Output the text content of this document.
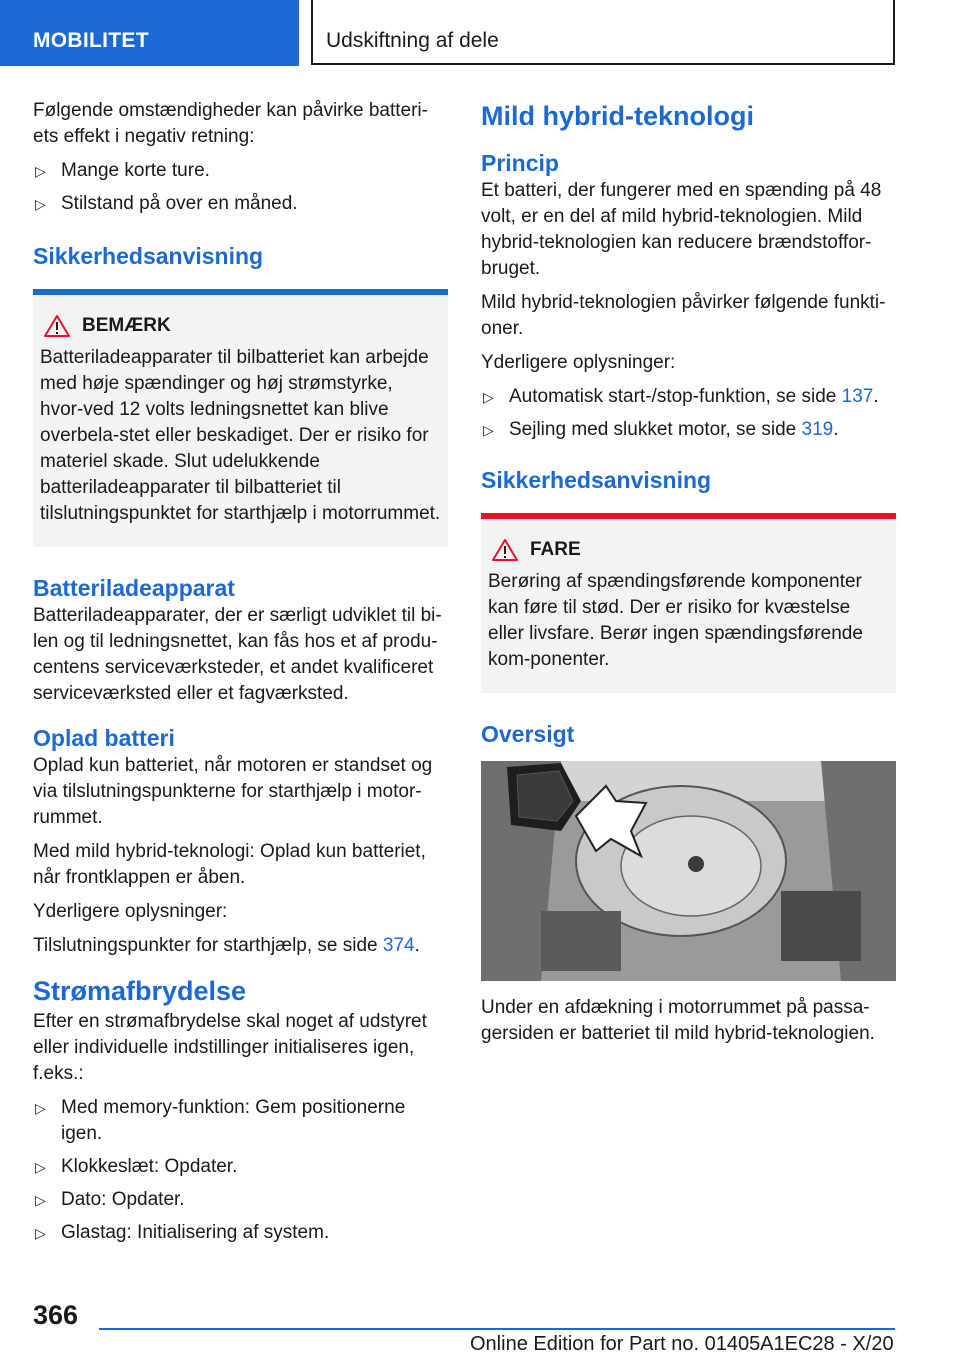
MOBILITET	Udskiftning af dele

Følgende omstændigheder kan påvirke batteri-ets effekt i negativ retning:

▷ Mange korte ture.
▷ Stilstand på over en måned.
Sikkerhedsanvisning
BEMÆRK

Batteriladeapparater til bilbatteriet kan arbejde med høje spændinger og høj strømstyrke, hvor-ved 12 volts ledningsnettet kan blive overbela-stet eller beskadiget. Der er risiko for materiel skade. Slut udelukkende batteriladeapparater til bilbatteriet til tilslutningspunktet for starthjælp i motorrummet.

Batteriladeapparat

Batteriladeapparater, der er særligt udviklet til bi-len og til ledningsnettet, kan fås hos et af produ-centens serviceværksteder, et andet kvalificeret serviceværksted eller et fagværksted.

Oplad batteri

Oplad kun batteriet, når motoren er standset og via tilslutningspunkterne for starthjælp i motor-rummet.

Med mild hybrid-teknologi: Oplad kun batteriet, når frontklappen er åben.

Yderligere oplysninger:

Tilslutningspunkter for starthjælp, se side 374.

Strømafbrydelse

Efter en strømafbrydelse skal noget af udstyret eller individuelle indstillinger initialiseres igen, f.eks.:

▷ Med memory-funktion: Gem positionerne igen.
▷ Klokkeslæt: Opdater.
▷ Dato: Opdater.
▷ Glastag: Initialisering af system.
Mild hybrid-teknologi
Princip

Et batteri, der fungerer med en spænding på 48 volt, er en del af mild hybrid-teknologien. Mild hybrid-teknologien kan reducere brændstoffor-bruget.

Mild hybrid-teknologien påvirker følgende funkti-oner.

Yderligere oplysninger:

▷ Automatisk start-/stop-funktion, se side 137.
▷ Sejling med slukket motor, se side 319.
Sikkerhedsanvisning
FARE

Berøring af spændingsførende komponenter kan føre til stød. Der er risiko for kvæstelse eller livsfare. Berør ingen spændingsførende kom-ponenter.

Oversigt

Under en afdækning i motorrummet på passa-gersiden er batteriet til mild hybrid-teknologien.

366
Online Edition for Part no. 01405A1EC28 - X/20
